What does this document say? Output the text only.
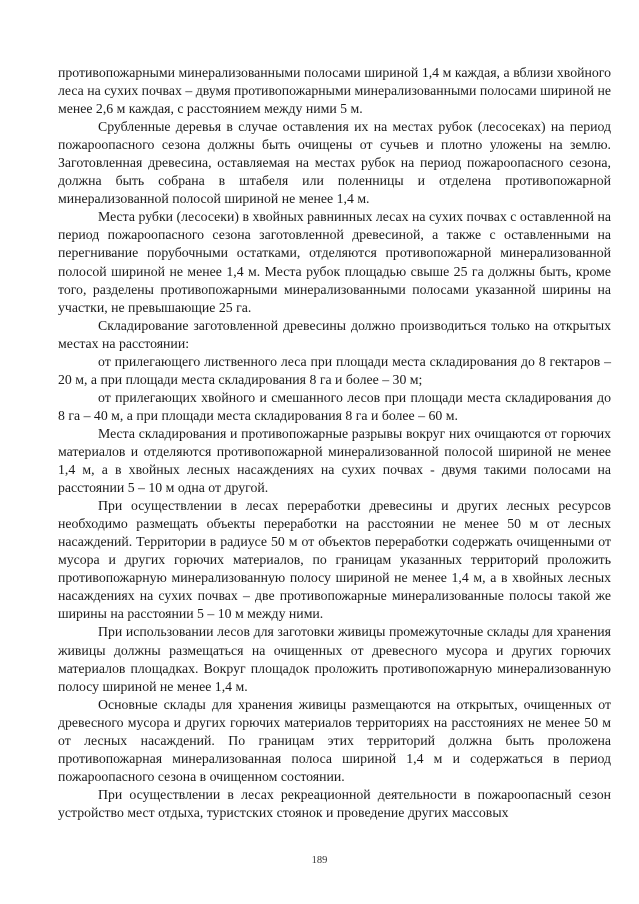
противопожарными минерализованными полосами шириной 1,4 м каждая, а вблизи хвойного леса на сухих почвах – двумя противопожарными минерализованными полосами шириной не менее 2,6 м каждая, с расстоянием между ними 5 м.

Срубленные деревья в случае оставления их на местах рубок (лесосеках) на период пожароопасного сезона должны быть очищены от сучьев и плотно уложены на землю. Заготовленная древесина, оставляемая на местах рубок на период пожароопасного сезона, должна быть собрана в штабеля или поленницы и отделена противопожарной минерализованной полосой шириной не менее 1,4 м.

Места рубки (лесосеки) в хвойных равнинных лесах на сухих почвах с оставленной на период пожароопасного сезона заготовленной древесиной, а также с оставленными на перегнивание порубочными остатками, отделяются противопожарной минерализованной полосой шириной не менее 1,4 м. Места рубок площадью свыше 25 га должны быть, кроме того, разделены противопожарными минерализованными полосами указанной ширины на участки, не превышающие 25 га.

Складирование заготовленной древесины должно производиться только на открытых местах на расстоянии:

от прилегающего лиственного леса при площади места складирования до 8 гектаров – 20 м, а при площади места складирования 8 га и более – 30 м;

от прилегающих хвойного и смешанного лесов при площади места складирования до 8 га – 40 м, а при площади места складирования 8 га и более – 60 м.

Места складирования и противопожарные разрывы вокруг них очищаются от горючих материалов и отделяются противопожарной минерализованной полосой шириной не менее 1,4 м, а в хвойных лесных насаждениях на сухих почвах - двумя такими полосами на расстоянии 5 – 10 м одна от другой.

При осуществлении в лесах переработки древесины и других лесных ресурсов необходимо размещать объекты переработки на расстоянии не менее 50 м от лесных насаждений. Территории в радиусе 50 м от объектов переработки содержать очищенными от мусора и других горючих материалов, по границам указанных территорий проложить противопожарную минерализованную полосу шириной не менее 1,4 м, а в хвойных лесных насаждениях на сухих почвах – две противопожарные минерализованные полосы такой же ширины на расстоянии 5 – 10 м между ними.

При использовании лесов для заготовки живицы промежуточные склады для хранения живицы должны размещаться на очищенных от древесного мусора и других горючих материалов площадках. Вокруг площадок проложить противопожарную минерализованную полосу шириной не менее 1,4 м.

Основные склады для хранения живицы размещаются на открытых, очищенных от древесного мусора и других горючих материалов территориях на расстояниях не менее 50 м от лесных насаждений. По границам этих территорий должна быть проложена противопожарная минерализованная полоса шириной 1,4 м и содержаться в период пожароопасного сезона в очищенном состоянии.

При осуществлении в лесах рекреационной деятельности в пожароопасный сезон устройство мест отдыха, туристских стоянок и проведение других массовых

189
